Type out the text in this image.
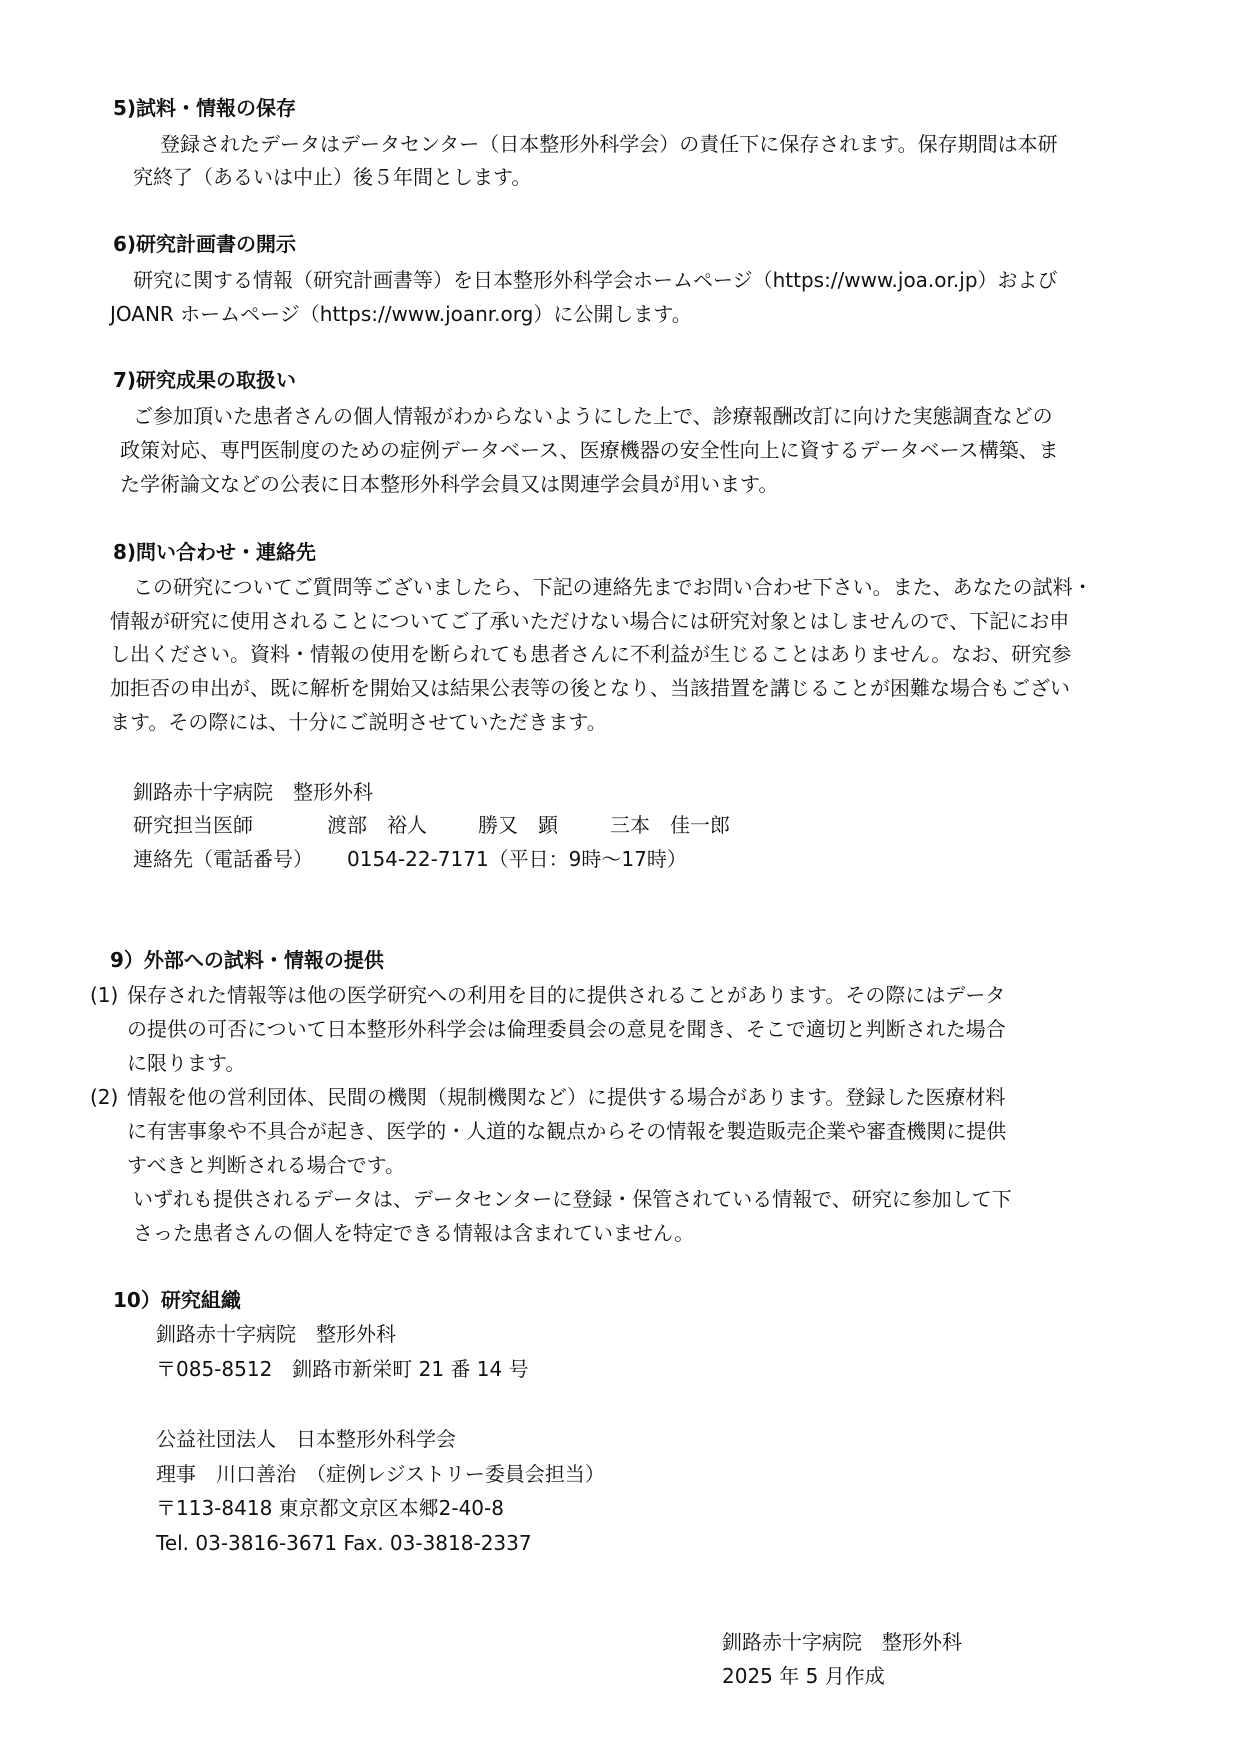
5)試料・情報の保存
登録されたデータはデータセンター（日本整形外科学会）の責任下に保存されます。保存期間は本研
究終了（あるいは中止）後５年間とします。
6)研究計画書の開示
研究に関する情報（研究計画書等）を日本整形外科学会ホームページ（https://www.joa.or.jp）および
JOANR ホームページ（https://www.joanr.org）に公開します。
7)研究成果の取扱い
ご参加頂いた患者さんの個人情報がわからないようにした上で、診療報酬改訂に向けた実態調査などの
政策対応、専門医制度のための症例データベース、医療機器の安全性向上に資するデータベース構築、ま
た学術論文などの公表に日本整形外科学会員又は関連学会員が用います。
8)問い合わせ・連絡先
この研究についてご質問等ございましたら、下記の連絡先までお問い合わせ下さい。また、あなたの試料・
情報が研究に使用されることについてご了承いただけない場合には研究対象とはしませんので、下記にお申
し出ください。資料・情報の使用を断られても患者さんに不利益が生じることはありません。なお、研究参
加拒否の申出が、既に解析を開始又は結果公表等の後となり、当該措置を講じることが困難な場合もござい
ます。その際には、十分にご説明させていただきます。
釧路赤十字病院　整形外科
研究担当医師	渡部　裕人	勝又　顕	三本　佳一郎
連絡先（電話番号） 0154-22-7171（平日：9時～17時）
9）外部への試料・情報の提供
(1) 保存された情報等は他の医学研究への利用を目的に提供されることがあります。その際にはデータ
の提供の可否について日本整形外科学会は倫理委員会の意見を聞き、そこで適切と判断された場合
に限ります。
(2) 情報を他の営利団体、民間の機関（規制機関など）に提供する場合があります。登録した医療材料
に有害事象や不具合が起き、医学的・人道的な観点からその情報を製造販売企業や審査機関に提供
すべきと判断される場合です。
いずれも提供されるデータは、データセンターに登録・保管されている情報で、研究に参加して下
さった患者さんの個人を特定できる情報は含まれていません。
10）研究組織
釧路赤十字病院　整形外科
〒085-8512　釧路市新栄町 21 番 14 号
公益社団法人　日本整形外科学会
理事　川口善治　（症例レジストリー委員会担当）
〒113-8418 東京都文京区本郷2-40-8
Tel. 03-3816-3671 Fax. 03-3818-2337
釧路赤十字病院　整形外科
2025 年 5 月作成
